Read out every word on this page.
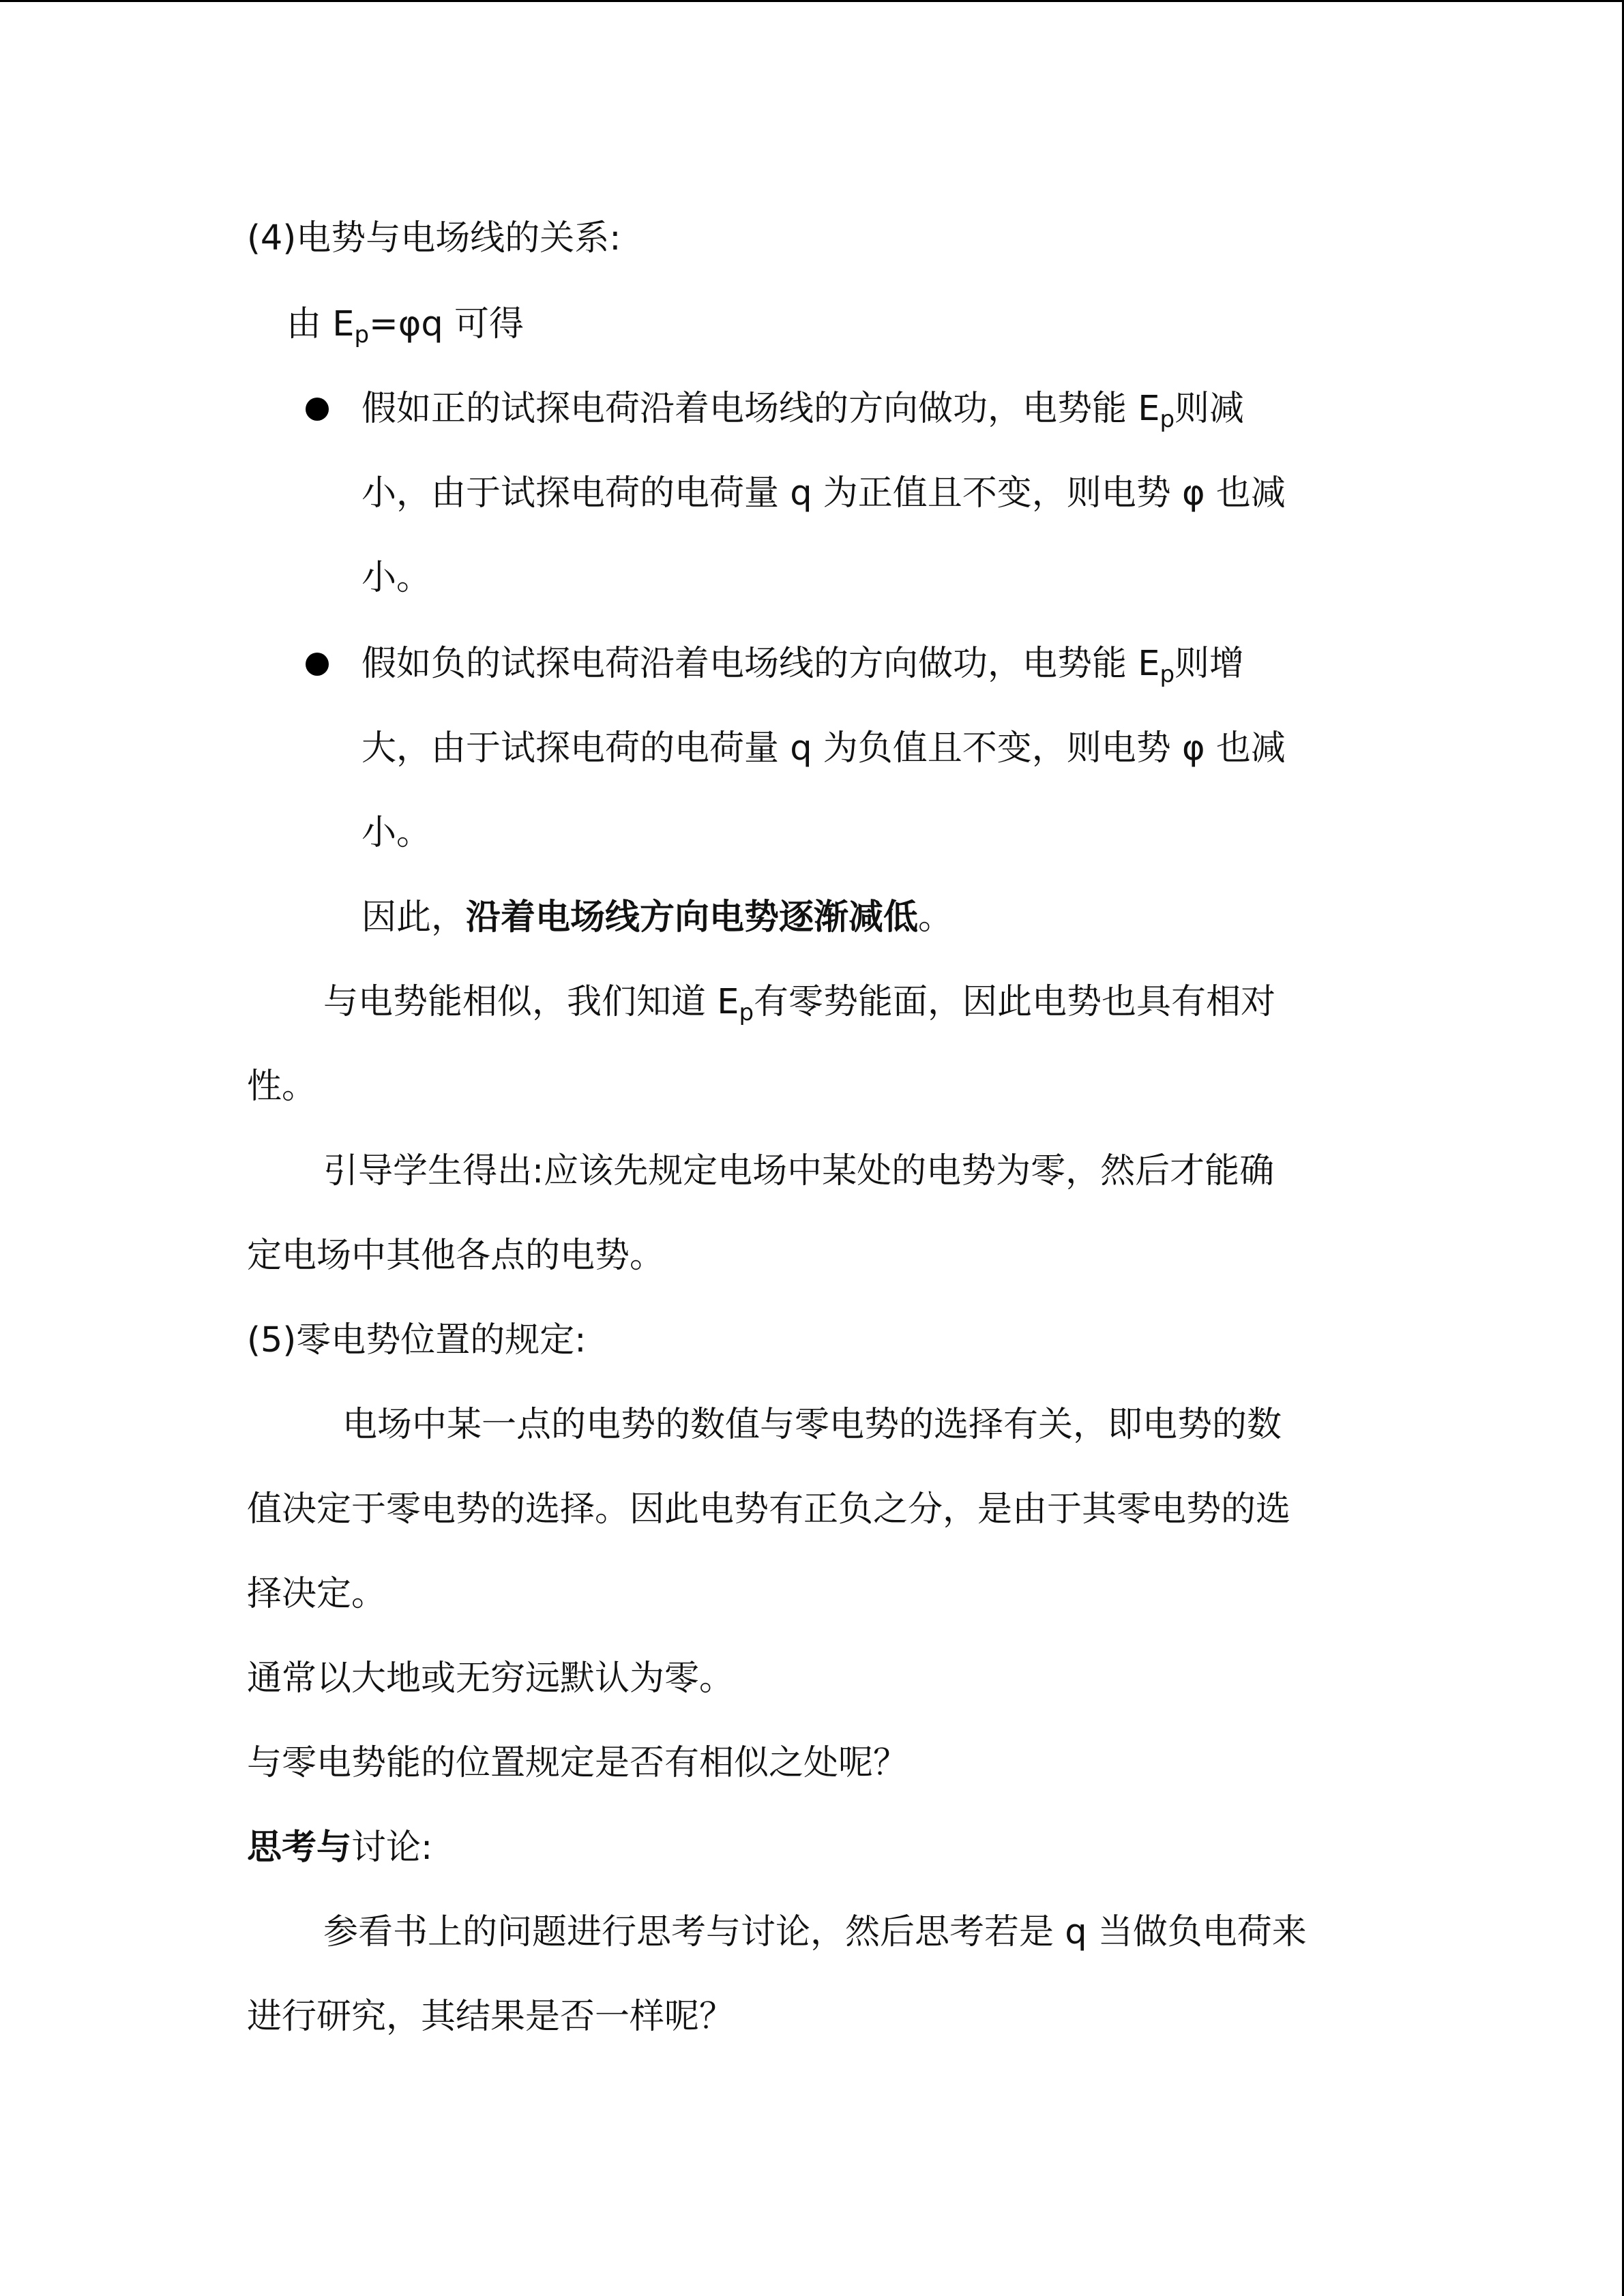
(4)电势与电场线的关系:
由 $E_p=\varphi q$ 可得
假如正的试探电荷沿着电场线的方向做功，电势能 $E_p$则减
小，由于试探电荷的电荷量 q 为正值且不变，则电势 φ 也减
小。
假如负的试探电荷沿着电场线的方向做功，电势能 $E_p$则增
大，由于试探电荷的电荷量 q 为负值且不变，则电势 φ 也减
小。
因此，沿着电场线方向电势逐渐减低。
与电势能相似，我们知道 $E_p$有零势能面，因此电势也具有相对
性。
引导学生得出:应该先规定电场中某处的电势为零，然后才能确
定电场中其他各点的电势。
(5)零电势位置的规定:
电场中某一点的电势的数值与零电势的选择有关，即电势的数
值决定于零电势的选择。因此电势有正负之分，是由于其零电势的选
择决定。
通常以大地或无穷远默认为零。
与零电势能的位置规定是否有相似之处呢？
思考与讨论:
参看书上的问题进行思考与讨论，然后思考若是 q 当做负电荷来
进行研究，其结果是否一样呢？
